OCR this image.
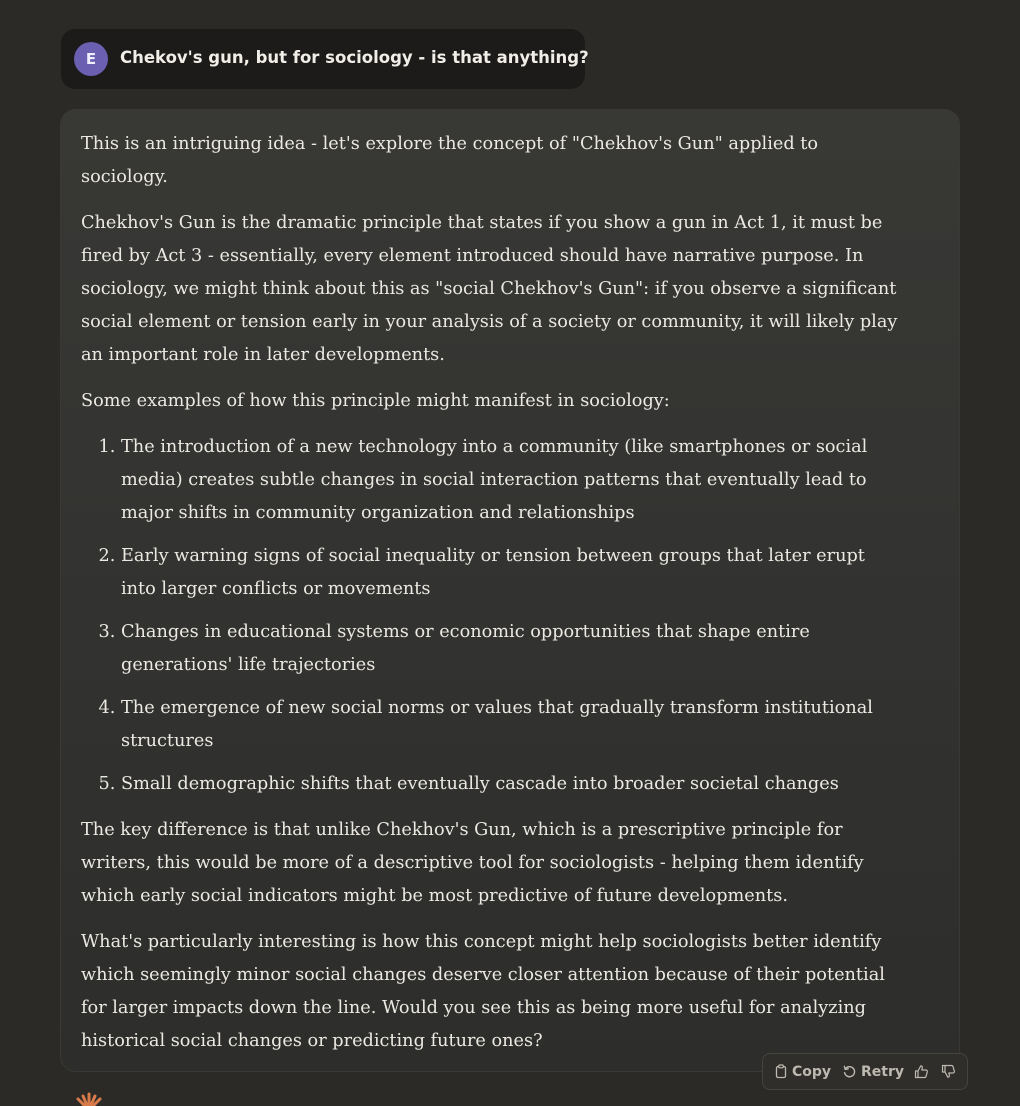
E	Chekov's gun, but for sociology - is that anything?

This is an intriguing idea - let's explore the concept of "Chekhov's Gun" applied to sociology.

Chekhov's Gun is the dramatic principle that states if you show a gun in Act 1, it must be fired by Act 3 - essentially, every element introduced should have narrative purpose. In sociology, we might think about this as "social Chekhov's Gun": if you observe a significant social element or tension early in your analysis of a society or community, it will likely play an important role in later developments.

Some examples of how this principle might manifest in sociology:

1. The introduction of a new technology into a community (like smartphones or social media) creates subtle changes in social interaction patterns that eventually lead to major shifts in community organization and relationships
2. Early warning signs of social inequality or tension between groups that later erupt into larger conflicts or movements
3. Changes in educational systems or economic opportunities that shape entire generations' life trajectories
4. The emergence of new social norms or values that gradually transform institutional structures
5. Small demographic shifts that eventually cascade into broader societal changes

The key difference is that unlike Chekhov's Gun, which is a prescriptive principle for writers, this would be more of a descriptive tool for sociologists - helping them identify which early social indicators might be most predictive of future developments.

What's particularly interesting is how this concept might help sociologists better identify which seemingly minor social changes deserve closer attention because of their potential for larger impacts down the line. Would you see this as being more useful for analyzing historical social changes or predicting future ones?

Copy Retry
